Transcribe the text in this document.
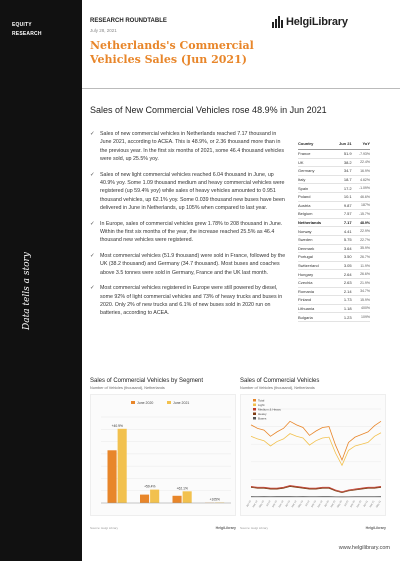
EQUITY
RESEARCH
Data tells a story
RESEARCH ROUNDTABLE
July 28, 2021
Netherlands's Commercial Vehicles Sales (Jun 2021)
HelgiLibrary
Sales of New Commercial Vehicles rose 48.9% in Jun 2021
✓ Sales of new commercial vehicles in Netherlands reached 7.17 thousand in June 2021, according to ACEA. This is 48.9%, or 2.36 thousand more than in the previous year. In the first six months of 2021, some 46.4 thousand vehicles were sold, up 25.5% yoy.
✓ Sales of new light commercial vehicles reached 6.04 thousand in June, up 40.9% yoy. Some 1.09 thousand medium and heavy commercial vehicles were registered (up 59.4% yoy) while sales of heavy vehicles amounted to 0.951 thousand vehicles, up 62.1% yoy. Some 0.039 thousand new buses have been delivered in June in Netherlands, up 105% when compared to last year.
✓ In Europe, sales of commercial vehicles grew 1.78% to 208 thousand in June. Within the first six months of the year, the increase reached 25.5% as 46.4 thousand new vehicles were registered.
✓ Most commercial vehicles (51.9 thousand) were sold in France, followed by the UK (38.2 thousand) and Germany (34.7 thousand). Most buses and coaches above 3.5 tonnes were sold in Germany, France and the UK last month.
✓ Most commercial vehicles registered in Europe were still powered by diesel, some 92% of light commercial vehicles and 73% of heavy trucks and buses in 2020. Only 2% of new trucks and 6.1% of new buses sold in 2020 run on batteries, according to ACEA.
Country	Jun 21	YoY
France	51.9	-7.93%
UK	38.2	22.4%
Germany	34.7	16.9%
Italy	18.7	4.62%
Spain	17.2	-1.09%
Poland	10.1	46.6%
Austria	9.87	187%
Belgium	7.57	-15.7%
Netherlands	7.17	48.9%
Norway	4.41	22.9%
Sweden	5.75	22.7%
Denmark	3.64	35.9%
Portugal	3.50	26.7%
Switzerland	3.05	11.9%
Hungary	2.64	26.6%
Czechia	2.63	21.9%
Romania	2.14	34.7%
Finland	1.73	15.9%
Lithuania	1.18	400%
Bulgaria	1.23	109%
Sales of Commercial Vehicles by Segment
Number of Vehicles (thousand), Netherlands
June 2020	June 2021
+40.9%
+59.4%	+62.1%
+105%
Source: Helgi Library	HelgiLibrary
Sales of Commercial Vehicles
Number of Vehicles (thousand), Netherlands
Total
Light
Medium & Heavy
Heavy
Buses
Jan 18 Mar 18 May 18 Jul 18 Sep 18 Nov 18 Jan 19 Mar 19 May 19 Jul 19 Sep 19 Nov 19 Jan 20 Mar 20 May 20 Jul 20 Sep 20 Nov 20 Jan 21 Mar 21 May 21
Source: Helgi Library	HelgiLibrary
www.helgilibrary.com
